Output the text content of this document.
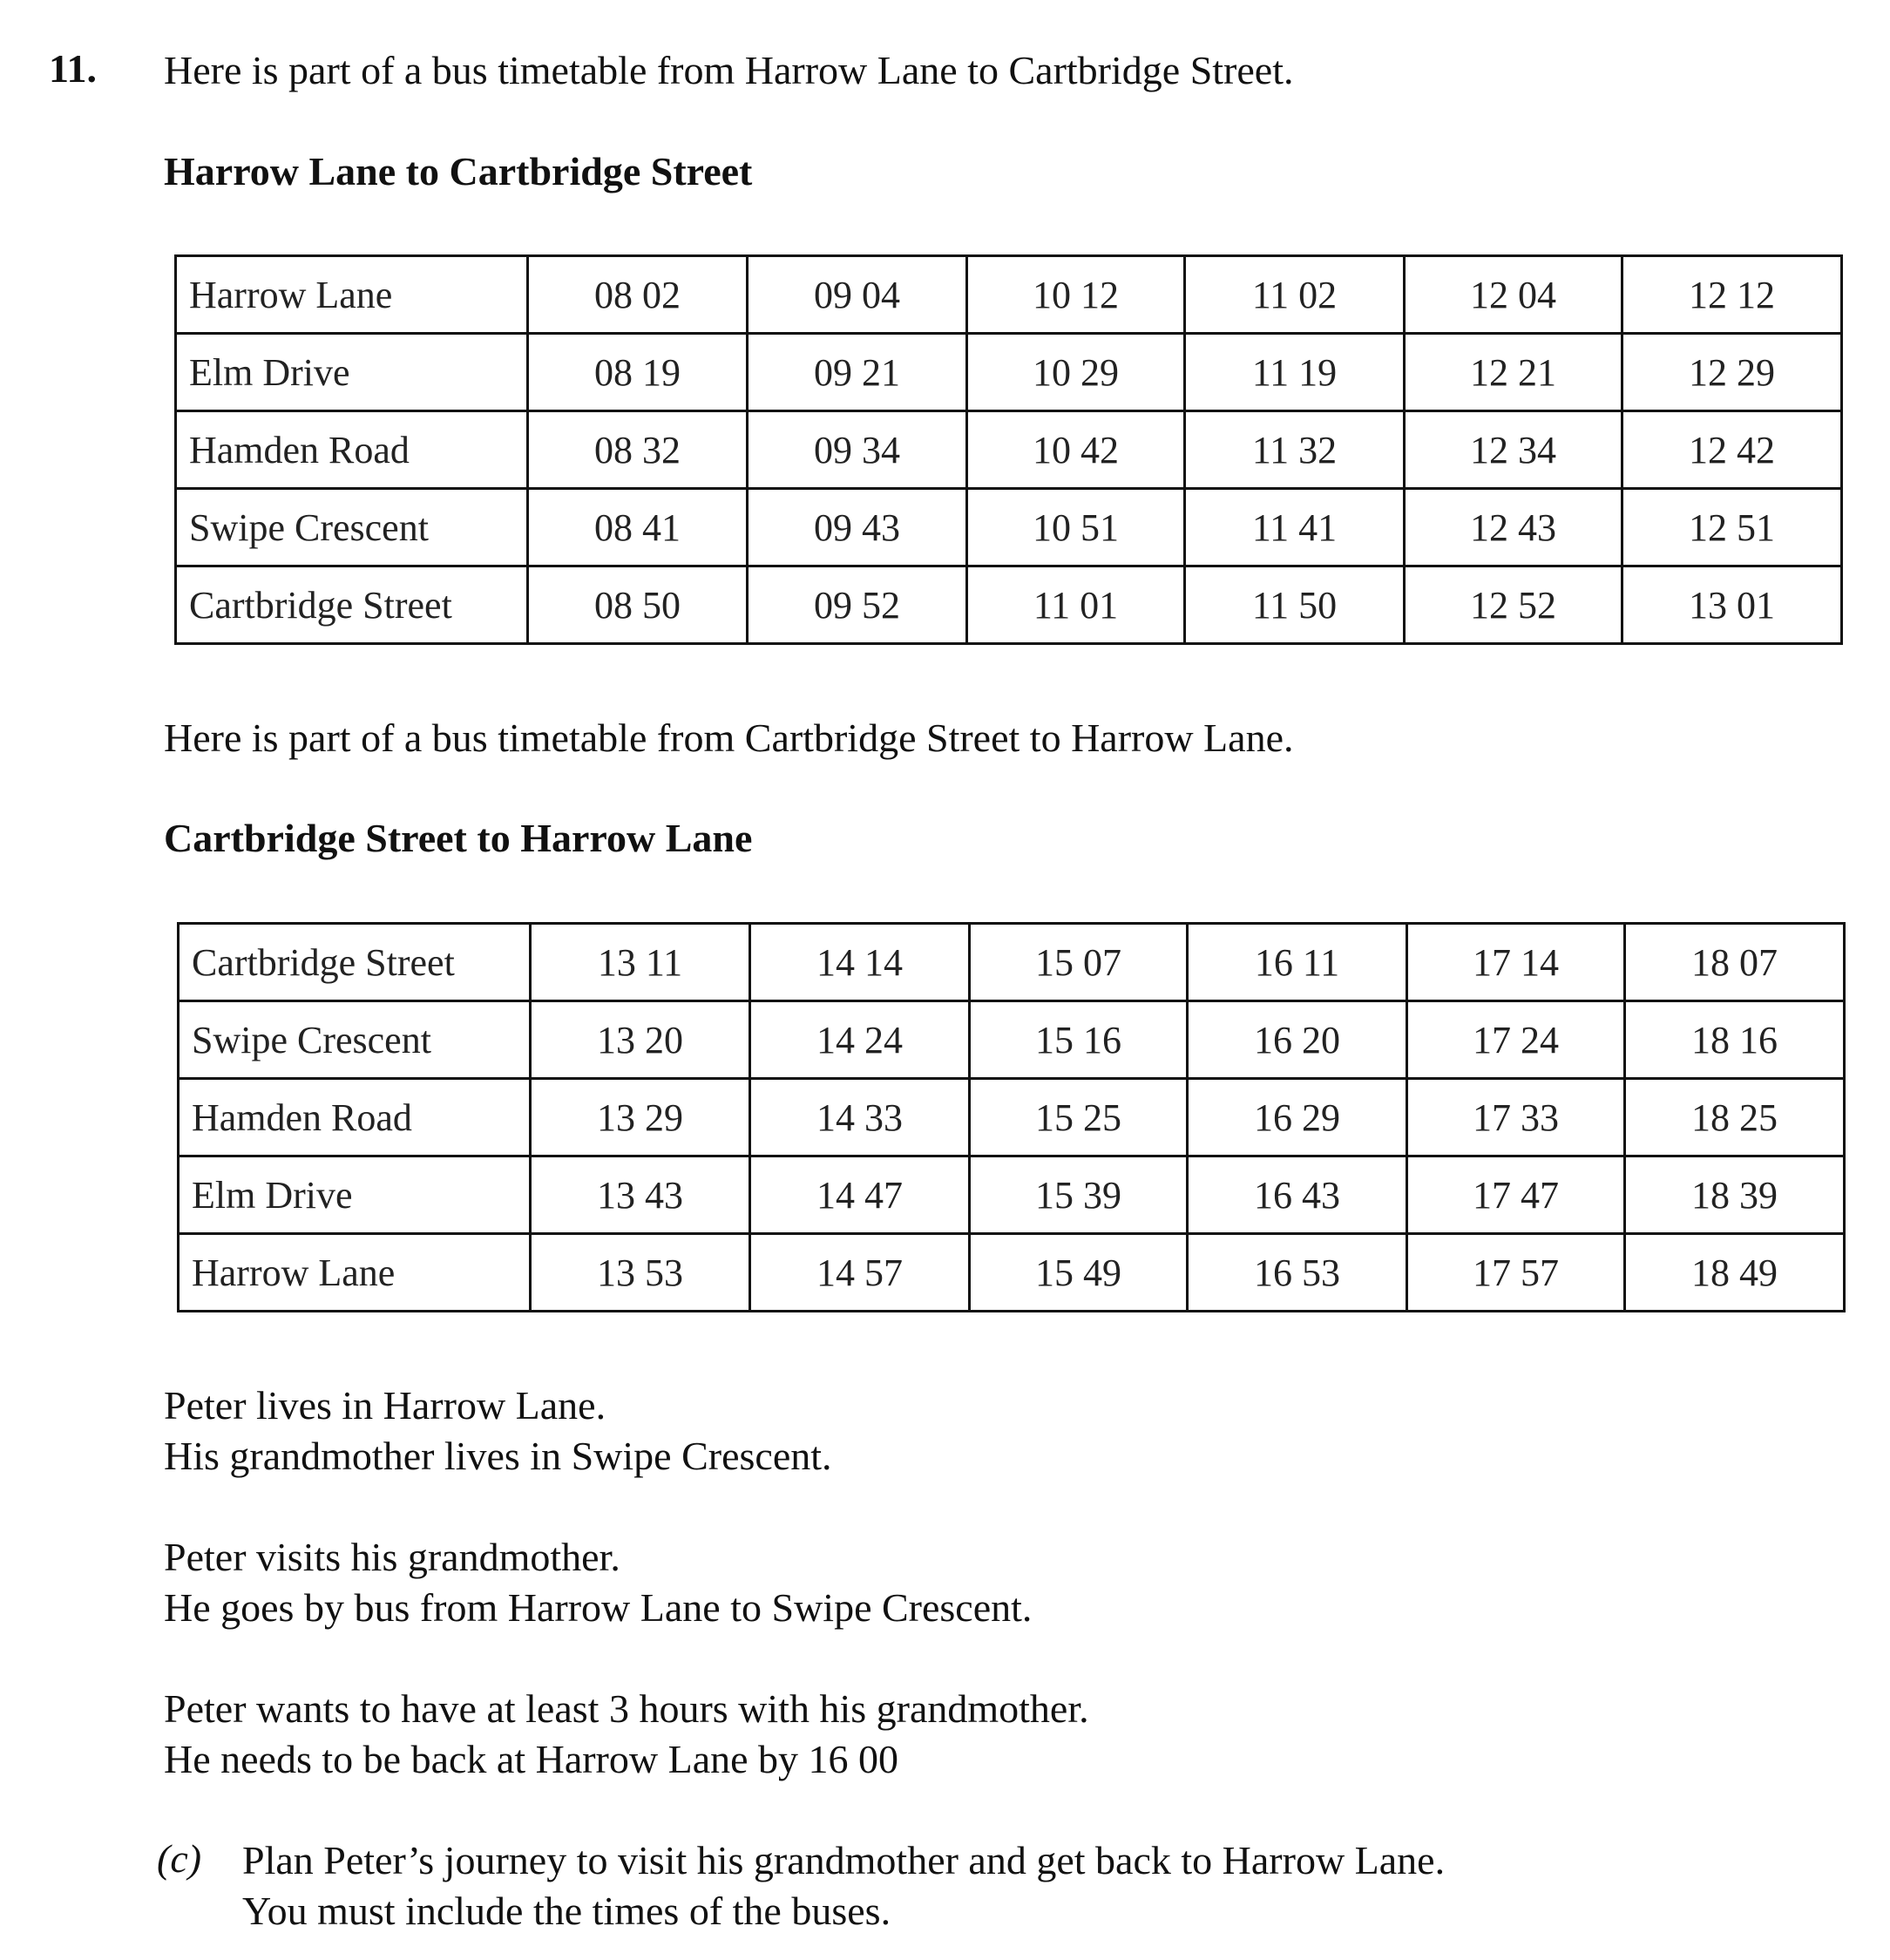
11. Here is part of a bus timetable from Harrow Lane to Cartbridge Street.
Harrow Lane to Cartbridge Street
Harrow Lane	08 02	09 04	10 12	11 02	12 04	12 12
Elm Drive	08 19	09 21	10 29	11 19	12 21	12 29
Hamden Road	08 32	09 34	10 42	11 32	12 34	12 42
Swipe Crescent	08 41	09 43	10 51	11 41	12 43	12 51
Cartbridge Street	08 50	09 52	11 01	11 50	12 52	13 01
Here is part of a bus timetable from Cartbridge Street to Harrow Lane.
Cartbridge Street to Harrow Lane
Cartbridge Street	13 11	14 14	15 07	16 11	17 14	18 07
Swipe Crescent	13 20	14 24	15 16	16 20	17 24	18 16
Hamden Road	13 29	14 33	15 25	16 29	17 33	18 25
Elm Drive	13 43	14 47	15 39	16 43	17 47	18 39
Harrow Lane	13 53	14 57	15 49	16 53	17 57	18 49
Peter lives in Harrow Lane.
His grandmother lives in Swipe Crescent.
Peter visits his grandmother.
He goes by bus from Harrow Lane to Swipe Crescent.
Peter wants to have at least 3 hours with his grandmother.
He needs to be back at Harrow Lane by 16 00
(c) Plan Peter’s journey to visit his grandmother and get back to Harrow Lane.
You must include the times of the buses.
